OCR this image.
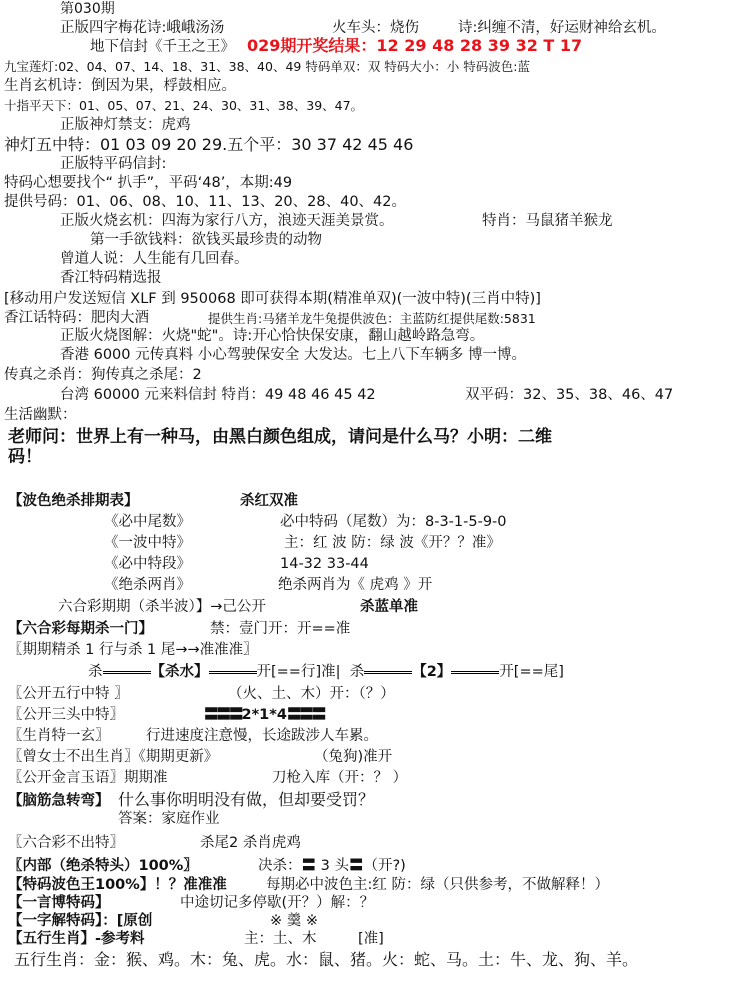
第030期
正版四字梅花诗:峨峨汤汤	火车头：烧伤	诗:纠缠不清，好运财神给玄机。
地下信封《千王之王》 029期开奖结果：12 29 48 28 39 32 T 17
九宝莲灯:02、04、07、14、18、31、38、40、49 特码单双：双 特码大小：小 特码波色:蓝
生肖玄机诗：倒因为果，桴鼓相应。
十指平天下：01、05、07、21、24、30、31、38、39、47。
正版神灯禁支：虎鸡
神灯五中特：01 03 09 20 29.五个平：30 37 42 45 46
正版特平码信封:
特码心想要找个“ 扒手”，平码‘48’，本期:49
提供号码：01、06、08、10、11、13、20、28、40、42。
正版火烧玄机：四海为家行八方，浪迹天涯美景赏。	特肖：马鼠猪羊猴龙
第一手欲钱料：欲钱买最珍贵的动物
曾道人说：人生能有几回春。
香江特码精选报
[移动用户发送短信 XLF 到 950068 即可获得本期(精准单双)(一波中特)(三肖中特)]
香江话特码：肥肉大酒	提供生肖:马猪羊龙牛兔提供波色：主蓝防红提供尾数:5831
正版火烧图解：火烧"蛇"。诗:开心恰快保安康，翻山越岭路急弯。
香港 6000 元传真料 小心驾驶保安全 大发达。七上八下车辆多 博一博。
传真之杀肖：狗传真之杀尾：2
台湾 60000 元来料信封 特肖：49 48 46 45 42	双平码：32、35、38、46、47
生活幽默：
老师问：世界上有一种马，由黑白颜色组成，请问是什么马？小明：二维
码！
【波色绝杀排期表】	杀红双准
《必中尾数》	必中特码（尾数）为：8-3-1-5-9-0
《一波中特》	主：红 波 防：绿 波《开？？准》
《必中特段》	14-32 33-44
《绝杀两肖》	绝杀两肖为《 虎鸡 》开
六合彩期期（杀半波）】→己公开	杀蓝单准
【六合彩每期杀一门】	禁：壹门开：开==准
〖期期精杀 1 行与杀 1 尾→→准准准〗
杀	【杀水】	开[==行]准| 杀	【2】	开[==尾]
〖公开五行中特 〗	（火、土、木）开：（？）
〖公开三头中特〗	〓〓〓2*1*4〓〓〓
〖生肖特一玄〗	行进速度注意慢，长途跋涉人车累。
〖曾女士不出生肖〗《期期更新》	（兔狗)准开
〖公开金言玉语〗期期准	刀枪入库（开：？ ）
【脑筋急转弯】 什么事你明明没有做，但却要受罚？
答案：家庭作业
〖六合彩不出特〗	杀尾2 杀肖虎鸡
〖内部（绝杀特头）100%〗	决杀：〓 3 头〓（开?)
【特码波色王100%】！？准准准	每期必中波色主:红 防：绿（只供参考，不做解释！）
【一言博特码】	中途切记多停歇(开？）解：？
【一字解特码】：[原创	※ 羹 ※
【五行生肖】-参考料	主：土、木	[准]
五行生肖：金：猴、鸡。木：兔、虎。水：鼠、猪。火：蛇、马。土：牛、龙、狗、羊。
